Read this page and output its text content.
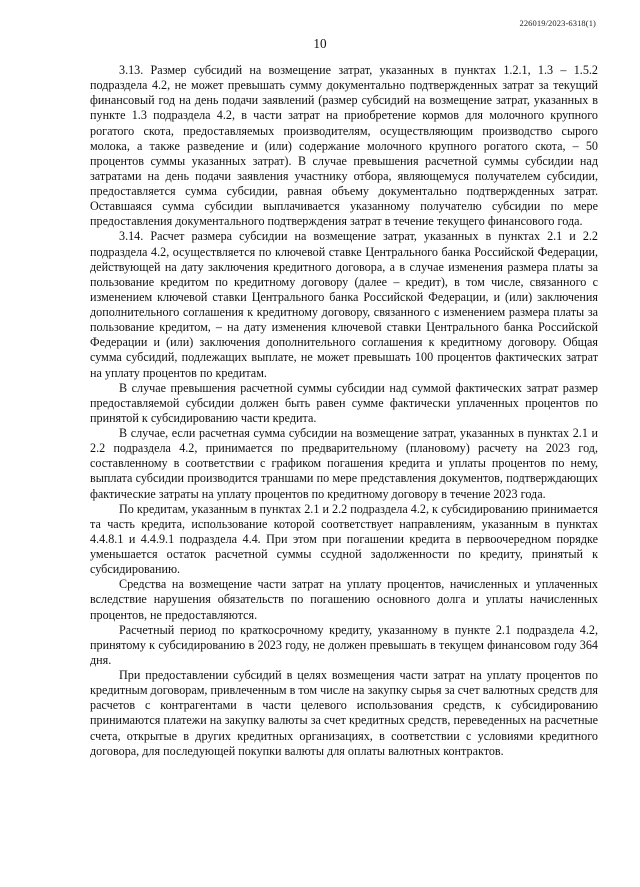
226019/2023-6318(1)
10

3.13. Размер субсидий на возмещение затрат, указанных в пунктах 1.2.1, 1.3 – 1.5.2 подраздела 4.2, не может превышать сумму документально подтвержденных затрат за текущий финансовый год на день подачи заявлений (размер субсидий на возмещение затрат, указанных в пункте 1.3 подраздела 4.2, в части затрат на приобретение кормов для молочного крупного рогатого скота, предоставляемых производителям, осуществляющим производство сырого молока, а также разведение и (или) содержание молочного крупного рогатого скота, – 50 процентов суммы указанных затрат). В случае превышения расчетной суммы субсидии над затратами на день подачи заявления участнику отбора, являющемуся получателем субсидии, предоставляется сумма субсидии, равная объему документально подтвержденных затрат. Оставшаяся сумма субсидии выплачивается указанному получателю субсидии по мере предоставления документального подтверждения затрат в течение текущего финансового года.

3.14. Расчет размера субсидии на возмещение затрат, указанных в пунктах 2.1 и 2.2 подраздела 4.2, осуществляется по ключевой ставке Центрального банка Российской Федерации, действующей на дату заключения кредитного договора, а в случае изменения размера платы за пользование кредитом по кредитному договору (далее – кредит), в том числе, связанного с изменением ключевой ставки Центрального банка Российской Федерации, и (или) заключения дополнительного соглашения к кредитному договору, связанного с изменением размера платы за пользование кредитом, – на дату изменения ключевой ставки Центрального банка Российской Федерации и (или) заключения дополнительного соглашения к кредитному договору. Общая сумма субсидий, подлежащих выплате, не может превышать 100 процентов фактических затрат на уплату процентов по кредитам.

В случае превышения расчетной суммы субсидии над суммой фактических затрат размер предоставляемой субсидии должен быть равен сумме фактически уплаченных процентов по принятой к субсидированию части кредита.

В случае, если расчетная сумма субсидии на возмещение затрат, указанных в пунктах 2.1 и 2.2 подраздела 4.2, принимается по предварительному (плановому) расчету на 2023 год, составленному в соответствии с графиком погашения кредита и уплаты процентов по нему, выплата субсидии производится траншами по мере представления документов, подтверждающих фактические затраты на уплату процентов по кредитному договору в течение 2023 года.

По кредитам, указанным в пунктах 2.1 и 2.2 подраздела 4.2, к субсидированию принимается та часть кредита, использование которой соответствует направлениям, указанным в пунктах 4.4.8.1 и 4.4.9.1 подраздела 4.4. При этом при погашении кредита в первоочередном порядке уменьшается остаток расчетной суммы ссудной задолженности по кредиту, принятый к субсидированию.

Средства на возмещение части затрат на уплату процентов, начисленных и уплаченных вследствие нарушения обязательств по погашению основного долга и уплаты начисленных процентов, не предоставляются.

Расчетный период по краткосрочному кредиту, указанному в пункте 2.1 подраздела 4.2, принятому к субсидированию в 2023 году, не должен превышать в текущем финансовом году 364 дня.

При предоставлении субсидий в целях возмещения части затрат на уплату процентов по кредитным договорам, привлеченным в том числе на закупку сырья за счет валютных средств для расчетов с контрагентами в части целевого использования средств, к субсидированию принимаются платежи на закупку валюты за счет кредитных средств, переведенных на расчетные счета, открытые в других кредитных организациях, в соответствии с условиями кредитного договора, для последующей покупки валюты для оплаты валютных контрактов.
